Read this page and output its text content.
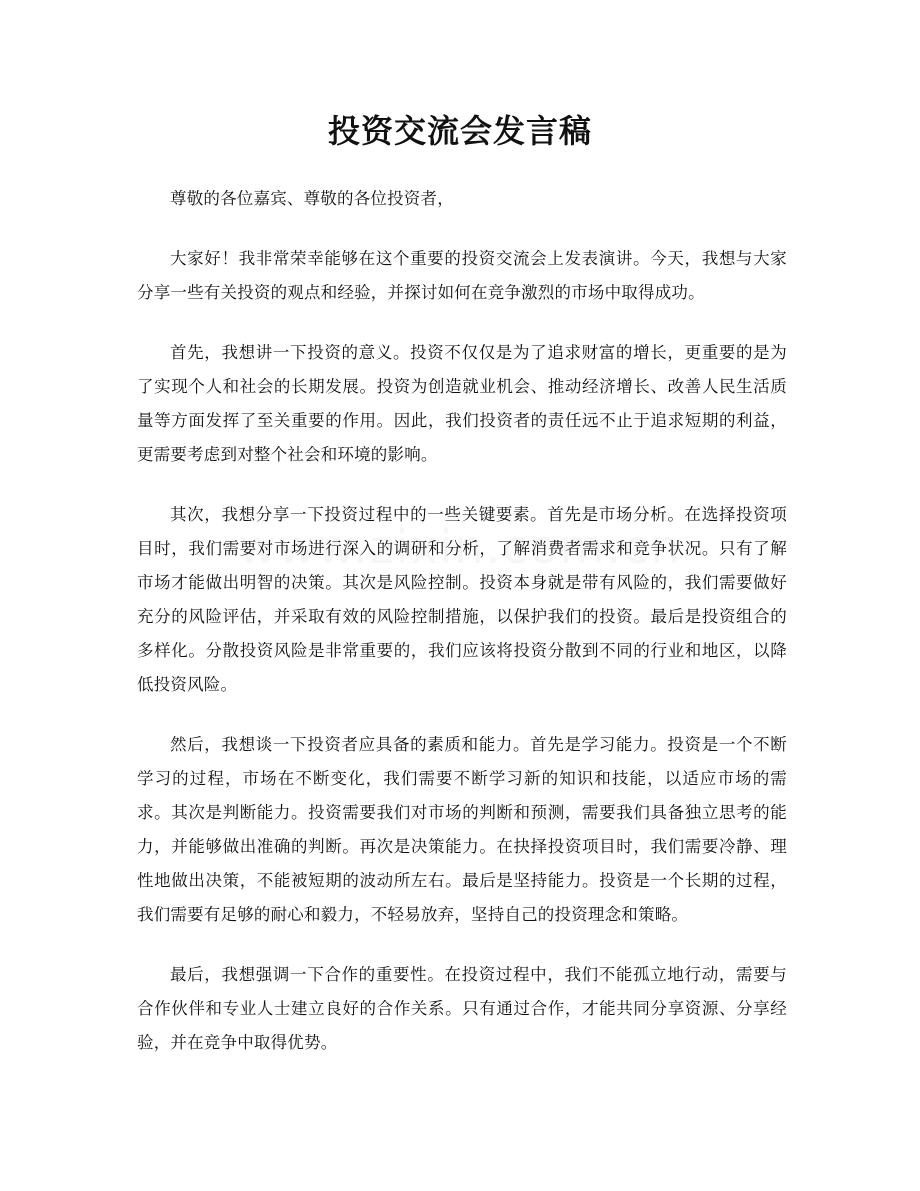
投资交流会发言稿

尊敬的各位嘉宾、尊敬的各位投资者，

大家好！我非常荣幸能够在这个重要的投资交流会上发表演讲。今天，我想与大家分享一些有关投资的观点和经验，并探讨如何在竞争激烈的市场中取得成功。

首先，我想讲一下投资的意义。投资不仅仅是为了追求财富的增长，更重要的是为了实现个人和社会的长期发展。投资为创造就业机会、推动经济增长、改善人民生活质量等方面发挥了至关重要的作用。因此，我们投资者的责任远不止于追求短期的利益，更需要考虑到对整个社会和环境的影响。

其次，我想分享一下投资过程中的一些关键要素。首先是市场分析。在选择投资项目时，我们需要对市场进行深入的调研和分析，了解消费者需求和竞争状况。只有了解市场才能做出明智的决策。其次是风险控制。投资本身就是带有风险的，我们需要做好充分的风险评估，并采取有效的风险控制措施，以保护我们的投资。最后是投资组合的多样化。分散投资风险是非常重要的，我们应该将投资分散到不同的行业和地区，以降低投资风险。

然后，我想谈一下投资者应具备的素质和能力。首先是学习能力。投资是一个不断学习的过程，市场在不断变化，我们需要不断学习新的知识和技能，以适应市场的需求。其次是判断能力。投资需要我们对市场的判断和预测，需要我们具备独立思考的能力，并能够做出准确的判断。再次是决策能力。在抉择投资项目时，我们需要冷静、理性地做出决策，不能被短期的波动所左右。最后是坚持能力。投资是一个长期的过程，我们需要有足够的耐心和毅力，不轻易放弃，坚持自己的投资理念和策略。

最后，我想强调一下合作的重要性。在投资过程中，我们不能孤立地行动，需要与合作伙伴和专业人士建立良好的合作关系。只有通过合作，才能共同分享资源、分享经验，并在竞争中取得优势。
